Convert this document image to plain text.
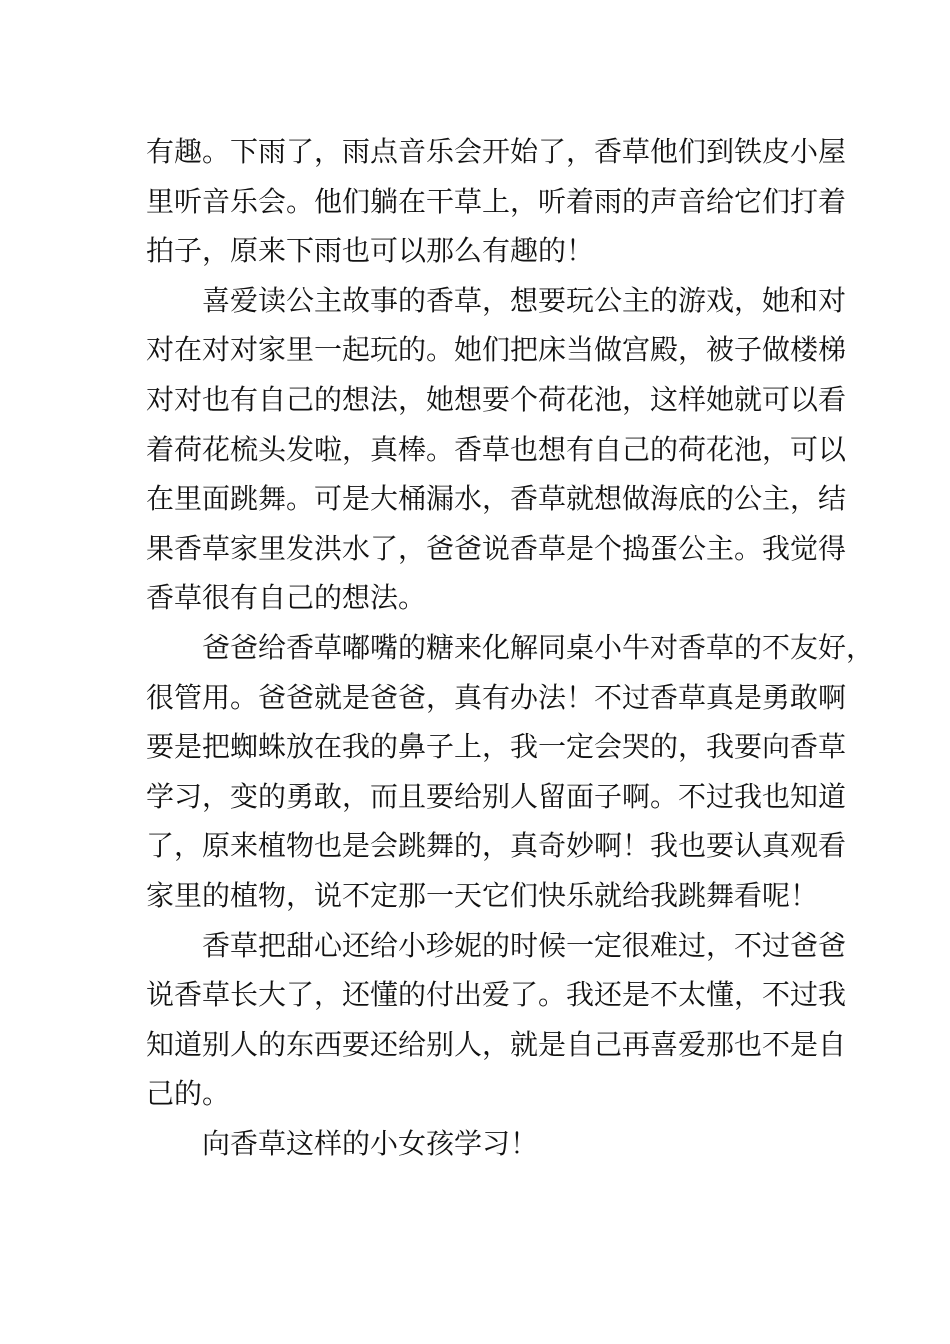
有趣。下雨了，雨点音乐会开始了，香草他们到铁皮小屋
里听音乐会。他们躺在干草上，听着雨的声音给它们打着
拍子，原来下雨也可以那么有趣的！
喜爱读公主故事的香草，想要玩公主的游戏，她和对
对在对对家里一起玩的。她们把床当做宫殿，被子做楼梯
对对也有自己的想法，她想要个荷花池，这样她就可以看
着荷花梳头发啦，真棒。香草也想有自己的荷花池，可以
在里面跳舞。可是大桶漏水，香草就想做海底的公主，结
果香草家里发洪水了，爸爸说香草是个捣蛋公主。我觉得
香草很有自己的想法。
爸爸给香草嘟嘴的糖来化解同桌小牛对香草的不友好，
很管用。爸爸就是爸爸，真有办法！不过香草真是勇敢啊
要是把蜘蛛放在我的鼻子上，我一定会哭的，我要向香草
学习，变的勇敢，而且要给别人留面子啊。不过我也知道
了，原来植物也是会跳舞的，真奇妙啊！我也要认真观看
家里的植物，说不定那一天它们快乐就给我跳舞看呢！
香草把甜心还给小珍妮的时候一定很难过，不过爸爸
说香草长大了，还懂的付出爱了。我还是不太懂，不过我
知道别人的东西要还给别人，就是自己再喜爱那也不是自
己的。
向香草这样的小女孩学习！
